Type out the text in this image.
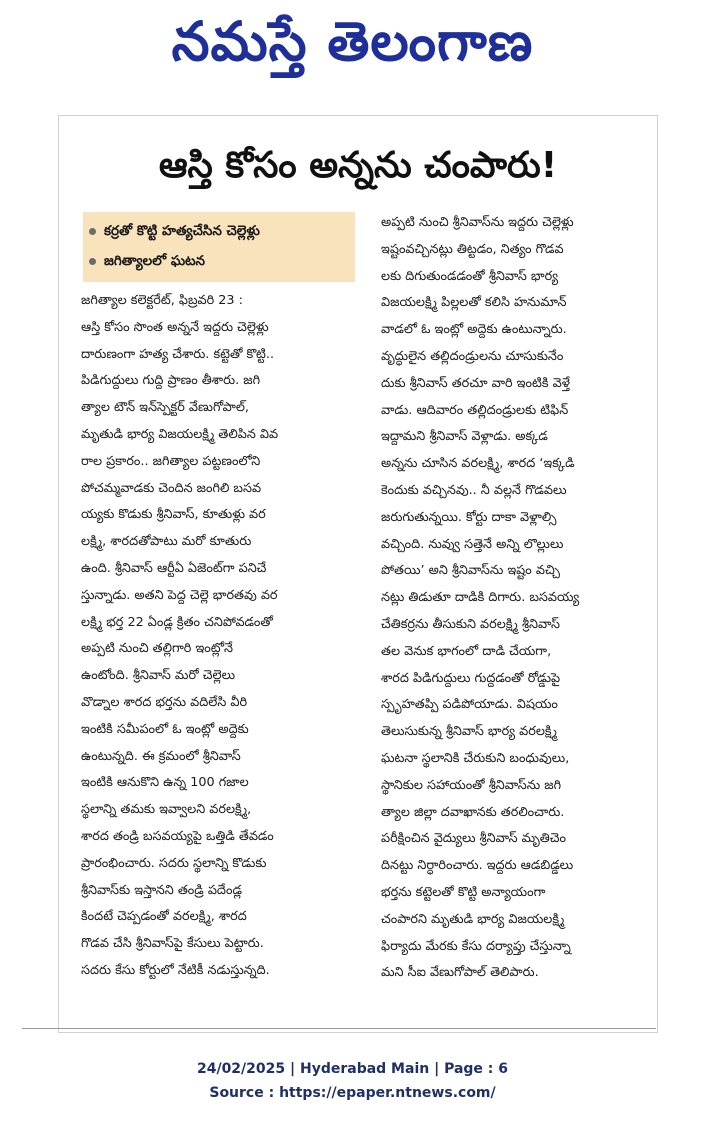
నమస్తే తెలంగాణ
ఆస్తి కోసం అన్నను చంపారు!
కర్రతో కొట్టి హత్యచేసిన చెల్లెళ్లు
జగిత్యాలలో ఘటన
జగిత్యాల కలెక్టరేట్, ఫిబ్రవరి 23 :
ఆస్తి కోసం సొంత అన్ననే ఇద్దరు చెల్లెళ్లు
దారుణంగా హత్య చేశారు. కట్టెతో కొట్టి..
పిడిగుద్దులు గుద్ది ప్రాణం తీశారు. జగి
త్యాల టౌన్ ఇన్‌స్పెక్టర్ వేణుగోపాల్,
మృతుడి భార్య విజయలక్ష్మి తెలిపిన వివ
రాల ప్రకారం.. జగిత్యాల పట్టణంలోని
పోచమ్మవాడకు చెందిన జంగిలి బసవ
య్యకు కొడుకు శ్రీనివాస్, కూతుళ్లు వర
లక్ష్మి, శారదతోపాటు మరో కూతురు
ఉంది. శ్రీనివాస్ ఆర్టీఏ ఏజెంట్‌గా పనిచే
స్తున్నాడు. అతని పెద్ద చెల్లె భారతవు వర
లక్ష్మి భర్త 22 ఏండ్ల క్రితం చనిపోవడంతో
అప్పటి నుంచి తల్లిగారి ఇంట్లోనే
ఉంటోంది. శ్రీనివాస్ మరో చెల్లెలు
వొడ్నాల శారద భర్తను వదిలేసి వీరి
ఇంటికి సమీపంలో ఓ ఇంట్లో అద్దెకు
ఉంటున్నది. ఈ క్రమంలో శ్రీనివాస్
ఇంటికి ఆనుకొని ఉన్న 100 గజాల
స్థలాన్ని తమకు ఇవ్వాలని వరలక్ష్మి,
శారద తండ్రి బసవయ్యపై ఒత్తిడి తేవడం
ప్రారంభించారు. సదరు స్థలాన్ని కొడుకు
శ్రీనివాస్‌కు ఇస్తానని తండ్రి పదేండ్ల
కిందటే చెప్పడంతో వరలక్ష్మి, శారద
గొడవ చేసి శ్రీనివాస్‌పై కేసులు పెట్టారు.
సదరు కేసు కోర్టులో నేటికీ నడుస్తున్నది.
అప్పటి నుంచి శ్రీనివాస్‌ను ఇద్దరు చెల్లెళ్లు
ఇష్టంవచ్చినట్లు తిట్టడం, నిత్యం గొడవ
లకు దిగుతుండడంతో శ్రీనివాస్ భార్య
విజయలక్ష్మి పిల్లలతో కలిసి హనుమాన్
వాడలో ఓ ఇంట్లో అద్దెకు ఉంటున్నారు.
వృద్ధులైన తల్లిదండ్రులను చూసుకునేం
దుకు శ్రీనివాస్ తరచూ వారి ఇంటికి వెళ్తే
వాడు. ఆదివారం తల్లిదండ్రులకు టిఫిన్
ఇద్దామని శ్రీనివాస్ వెళ్లాడు. అక్కడ
అన్నను చూసిన వరలక్ష్మి, శారద ‘ఇక్కడి
కెందుకు వచ్చినవు.. నీ వల్లనే గొడవలు
జరుగుతున్నయి. కోర్టు దాకా వెళ్లాల్సి
వచ్చింది. నువ్వు సత్తెనే అన్ని లొల్లులు
పోతయి’ అని శ్రీనివాస్‌ను ఇష్టం వచ్చి
నట్లు తిడుతూ దాడికి దిగారు. బసవయ్య
చేతికర్రను తీసుకుని వరలక్ష్మి శ్రీనివాస్
తల వెనుక భాగంలో దాడి చేయగా,
శారద పిడిగుద్దులు గుద్దడంతో రోడ్డుపై
స్పృహతప్పి పడిపోయాడు. విషయం
తెలుసుకున్న శ్రీనివాస్ భార్య వరలక్ష్మి
ఘటనా స్థలానికి చేరుకుని బంధువులు,
స్థానికుల సహాయంతో శ్రీనివాస్‌ను జగి
త్యాల జిల్లా దవాఖానకు తరలించారు.
పరీక్షించిన వైద్యులు శ్రీనివాస్ మృతిచెం
దినట్టు నిర్ధారించారు. ఇద్దరు ఆడబిడ్డలు
భర్తను కట్టెలతో కొట్టి అన్యాయంగా
చంపారని మృతుడి భార్య విజయలక్ష్మి
ఫిర్యాదు మేరకు కేసు దర్యాప్తు చేస్తున్నా
మని సీఐ వేణుగోపాల్ తెలిపారు.
24/02/2025 | Hyderabad Main | Page : 6
Source : https://epaper.ntnews.com/
